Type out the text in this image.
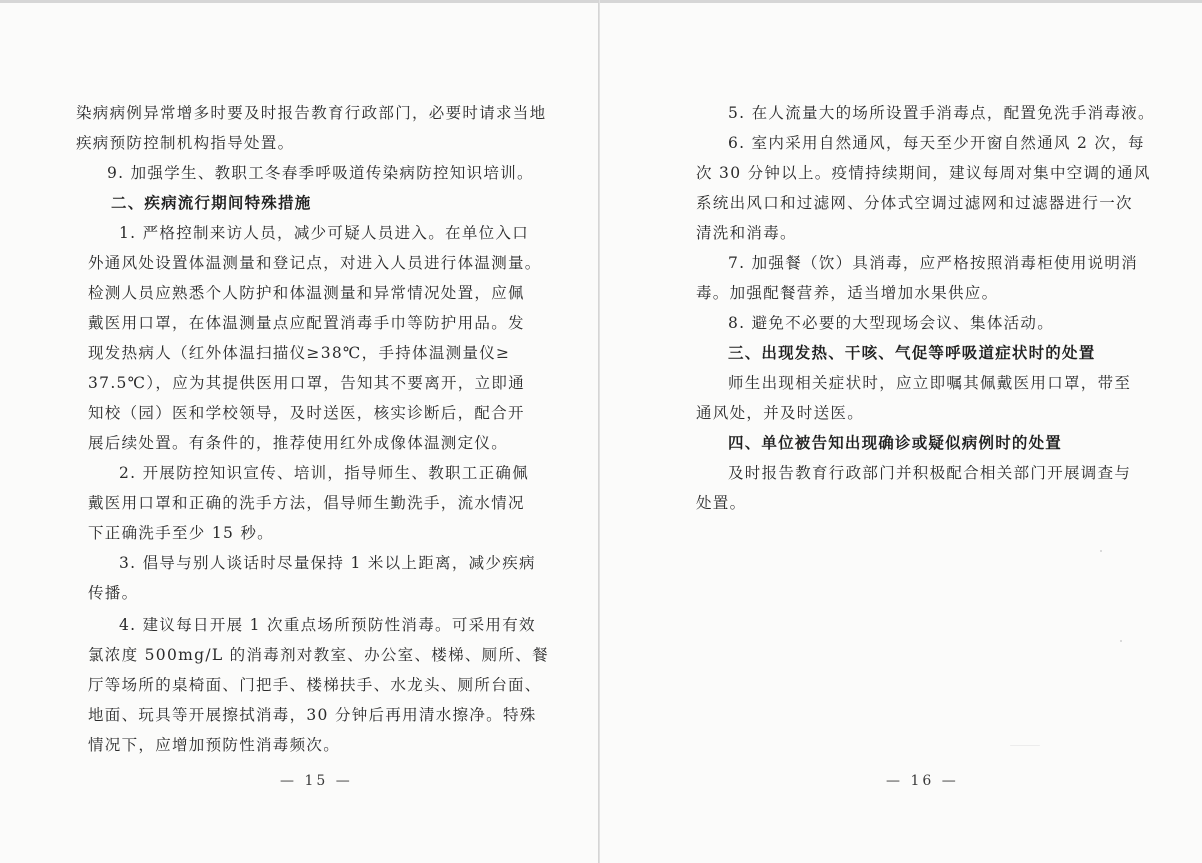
染病病例异常增多时要及时报告教育行政部门，必要时请求当地
疾病预防控制机构指导处置。
9. 加强学生、教职工冬春季呼吸道传染病防控知识培训。
二、疾病流行期间特殊措施
1. 严格控制来访人员，减少可疑人员进入。在单位入口
外通风处设置体温测量和登记点，对进入人员进行体温测量。
检测人员应熟悉个人防护和体温测量和异常情况处置，应佩
戴医用口罩，在体温测量点应配置消毒手巾等防护用品。发
现发热病人（红外体温扫描仪≥38℃，手持体温测量仪≥
37.5℃），应为其提供医用口罩，告知其不要离开，立即通
知校（园）医和学校领导，及时送医，核实诊断后，配合开
展后续处置。有条件的，推荐使用红外成像体温测定仪。
2. 开展防控知识宣传、培训，指导师生、教职工正确佩
戴医用口罩和正确的洗手方法，倡导师生勤洗手，流水情况
下正确洗手至少 15 秒。
3. 倡导与别人谈话时尽量保持 1 米以上距离，减少疾病
传播。
4. 建议每日开展 1 次重点场所预防性消毒。可采用有效
氯浓度 500mg/L 的消毒剂对教室、办公室、楼梯、厕所、餐
厅等场所的桌椅面、门把手、楼梯扶手、水龙头、厕所台面、
地面、玩具等开展擦拭消毒，30 分钟后再用清水擦净。特殊
情况下，应增加预防性消毒频次。
— 15 —
5. 在人流量大的场所设置手消毒点，配置免洗手消毒液。
6. 室内采用自然通风，每天至少开窗自然通风 2 次，每
次 30 分钟以上。疫情持续期间，建议每周对集中空调的通风
系统出风口和过滤网、分体式空调过滤网和过滤器进行一次
清洗和消毒。
7. 加强餐（饮）具消毒，应严格按照消毒柜使用说明消
毒。加强配餐营养，适当增加水果供应。
8. 避免不必要的大型现场会议、集体活动。
三、出现发热、干咳、气促等呼吸道症状时的处置
师生出现相关症状时，应立即嘱其佩戴医用口罩，带至
通风处，并及时送医。
四、单位被告知出现确诊或疑似病例时的处置
及时报告教育行政部门并积极配合相关部门开展调查与
处置。
— 16 —
